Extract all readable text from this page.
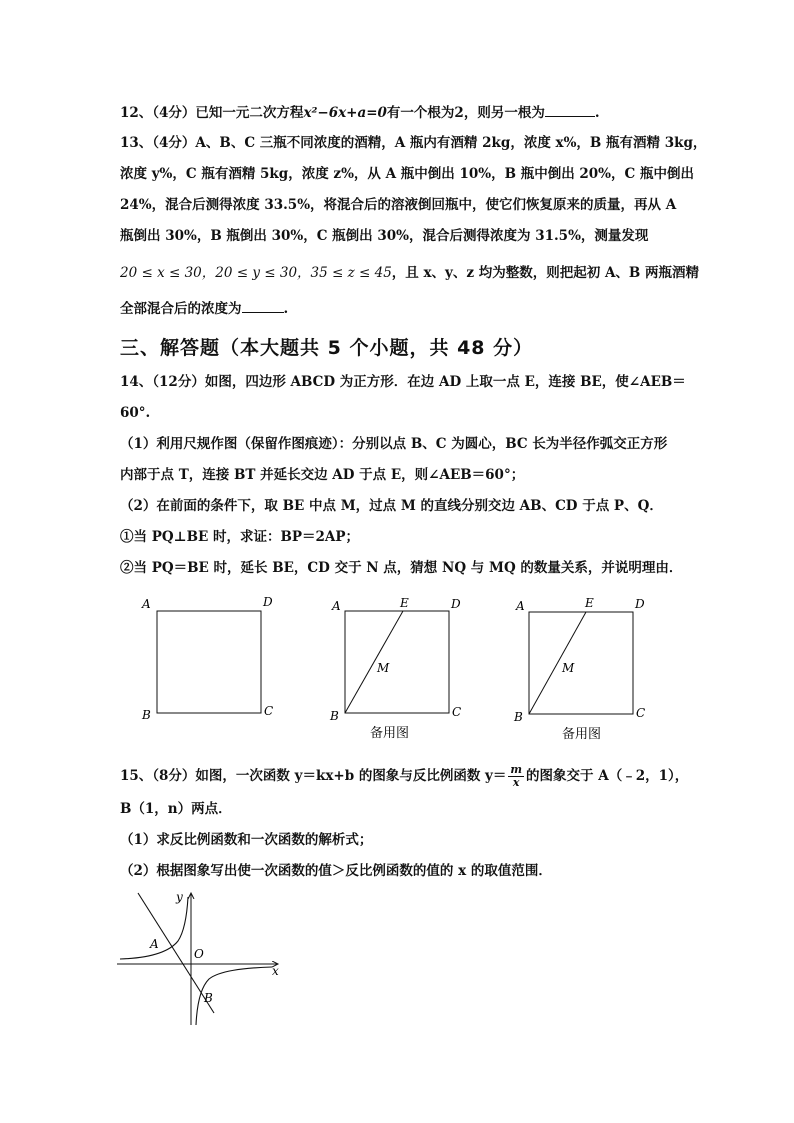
12、（4分）已知一元二次方程x²−6x+a=0有一个根为2，则另一根为	.
13、（4分）A、B、C 三瓶不同浓度的酒精，A 瓶内有酒精 2kg，浓度 x%，B 瓶有酒精 3kg，
浓度 y%，C 瓶有酒精 5kg，浓度 z%，从 A 瓶中倒出 10%，B 瓶中倒出 20%，C 瓶中倒出
24%，混合后测得浓度 33.5%，将混合后的溶液倒回瓶中，使它们恢复原来的质量，再从 A
瓶倒出 30%，B 瓶倒出 30%，C 瓶倒出 30%，混合后测得浓度为 31.5%，测量发现
20 ≤ x ≤ 30，20 ≤ y ≤ 30，35 ≤ z ≤ 45，且 x、y、z 均为整数，则把起初 A、B 两瓶酒精
全部混合后的浓度为	.
三、解答题（本大题共 5 个小题，共 48 分）
14、（12分）如图，四边形 ABCD 为正方形．在边 AD 上取一点 E，连接 BE，使∠AEB＝
60°.
（1）利用尺规作图（保留作图痕迹）：分别以点 B、C 为圆心，BC 长为半径作弧交正方形
内部于点 T，连接 BT 并延长交边 AD 于点 E，则∠AEB＝60°；
（2）在前面的条件下，取 BE 中点 M，过点 M 的直线分别交边 AB、CD 于点 P、Q．
①当 PQ⊥BE 时，求证：BP＝2AP；
②当 PQ＝BE 时，延长 BE，CD 交于 N 点，猜想 NQ 与 MQ 的数量关系，并说明理由．
A	D
B	C
A	E	D
M
B	C
备用图
A	E	D
M
B	C
备用图
15、（8分）如图，一次函数 y＝kx+b 的图象与反比例函数 $y= \frac{m}{x}$ 的图象交于 A（﹣2，1），
B（1，n）两点．
（1）求反比例函数和一次函数的解析式；
（2）根据图象写出使一次函数的值＞反比例函数的值的 x 的取值范围．
y
x
O
A
B
